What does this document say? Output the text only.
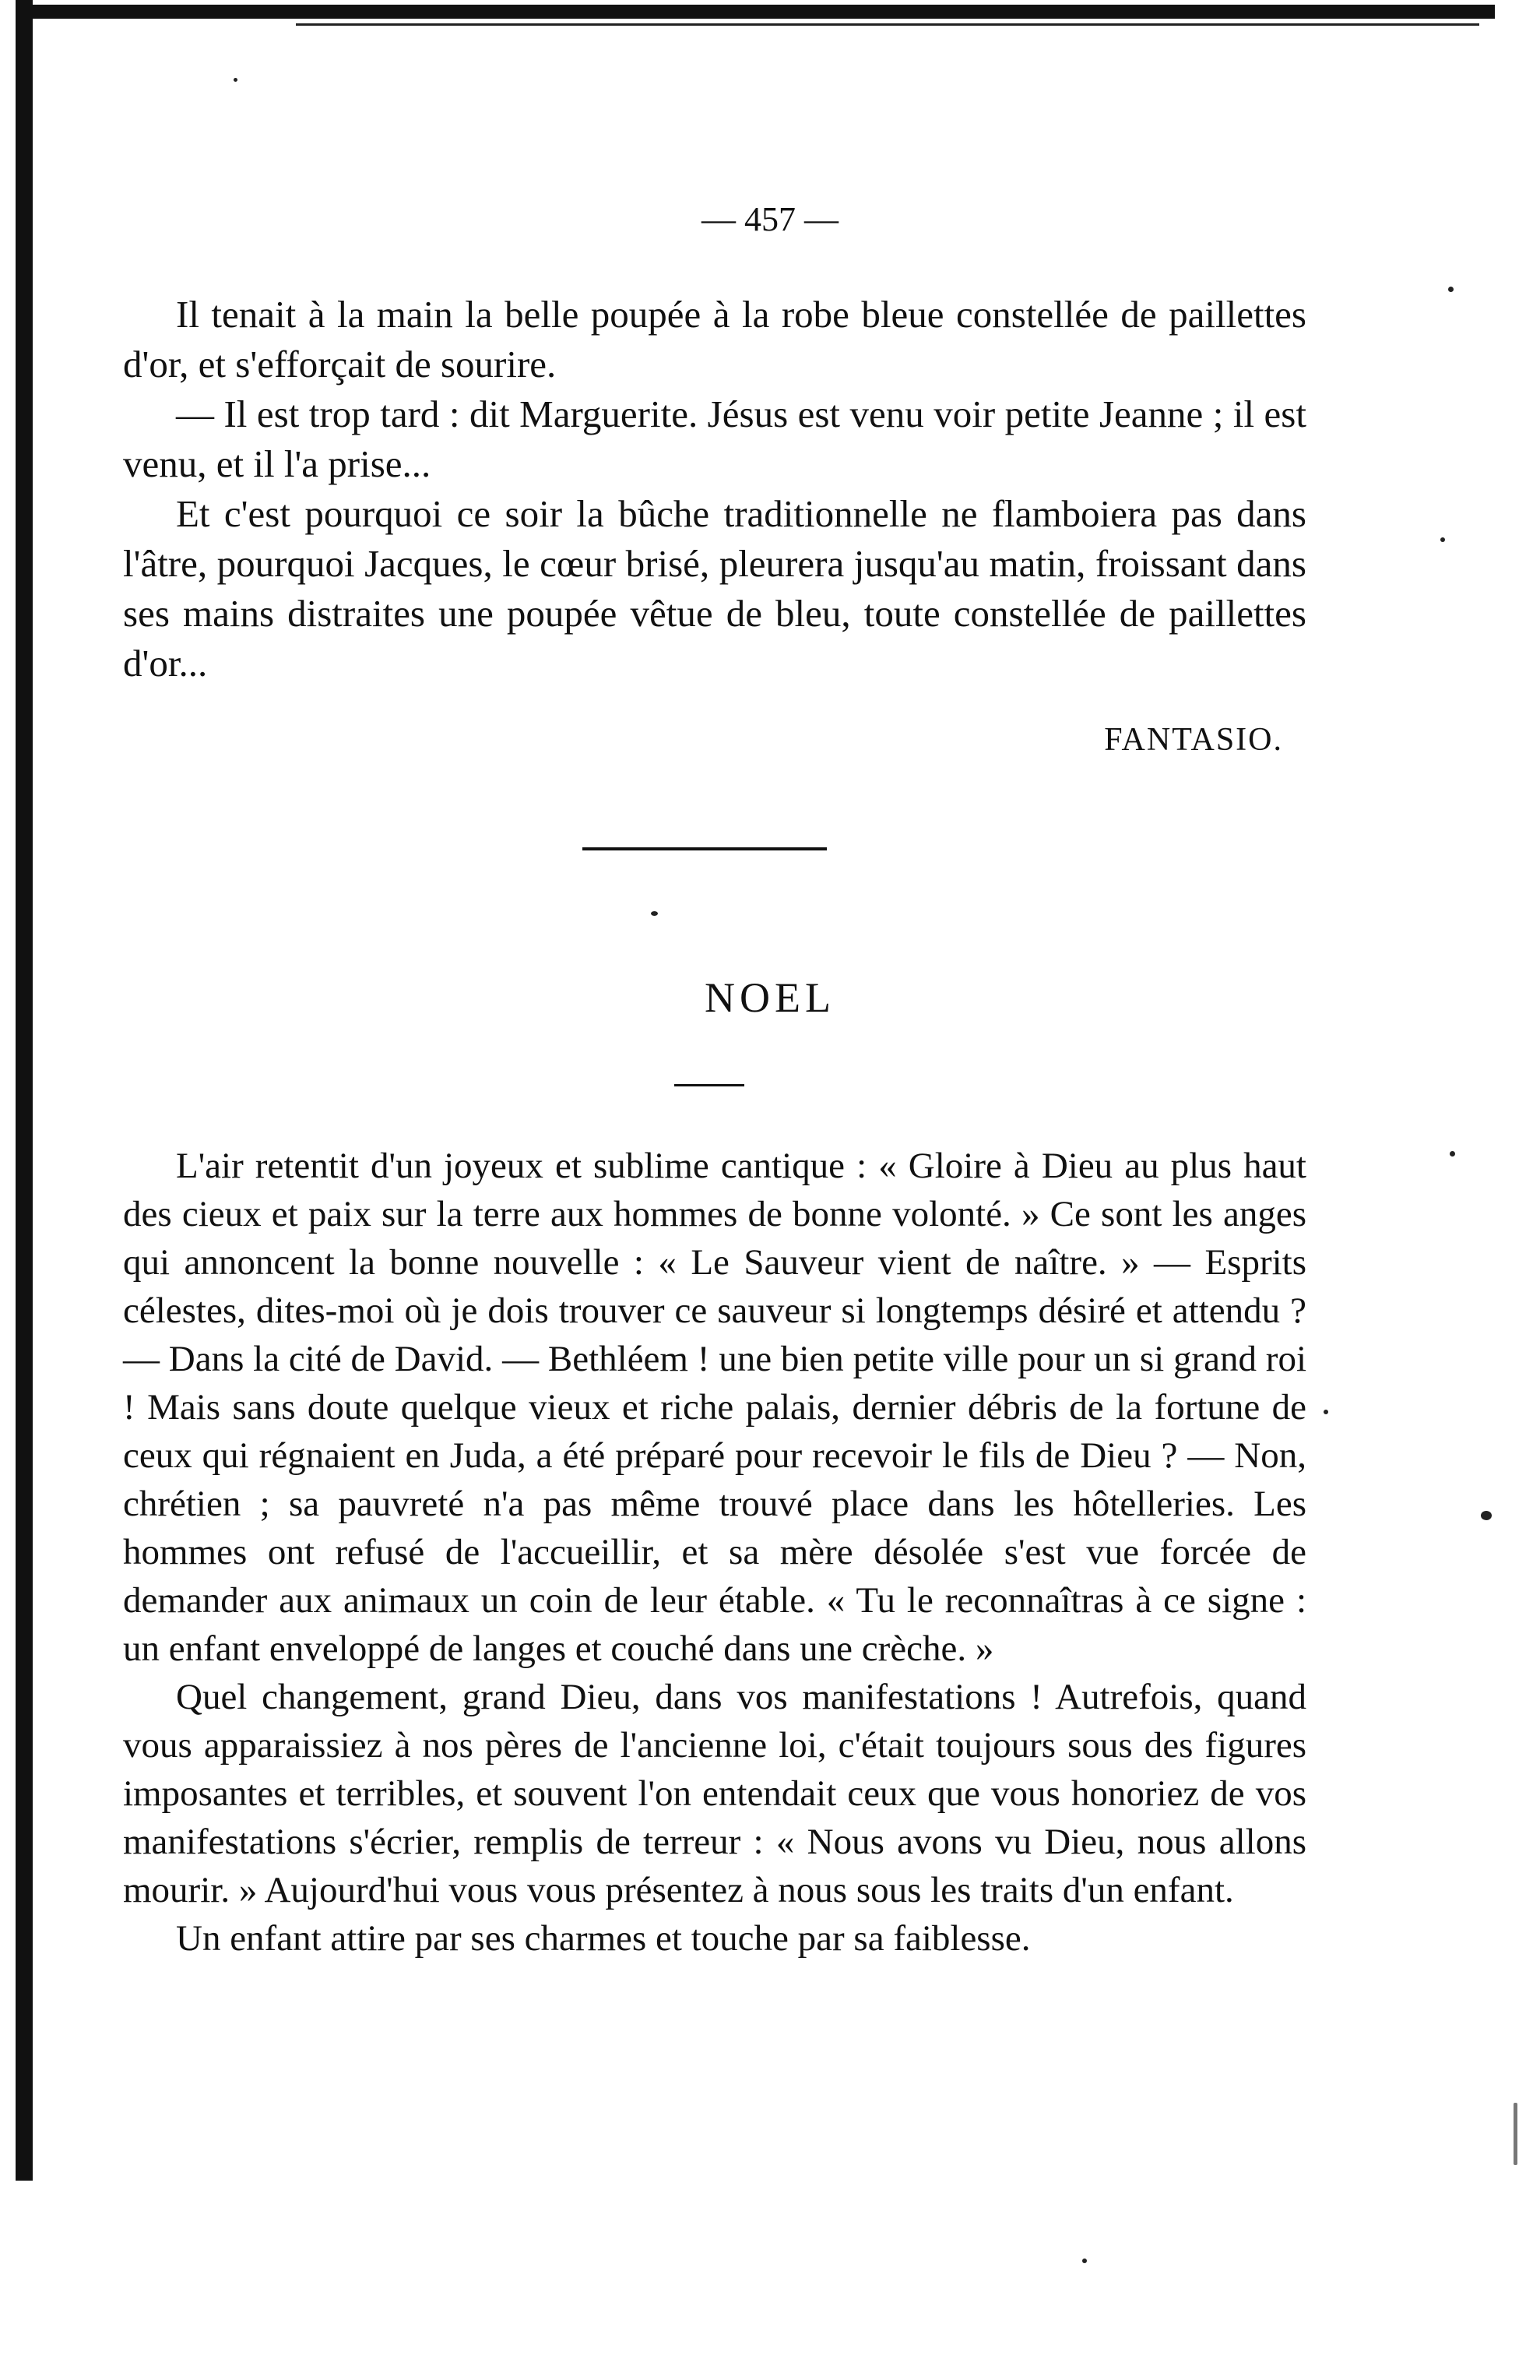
— 457 —

Il tenait à la main la belle poupée à la robe bleue constellée de paillettes d'or, et s'efforçait de sourire.

— Il est trop tard : dit Marguerite. Jésus est venu voir petite Jeanne ; il est venu, et il l'a prise...

Et c'est pourquoi ce soir la bûche traditionnelle ne flamboiera pas dans l'âtre, pourquoi Jacques, le cœur brisé, pleurera jusqu'au matin, froissant dans ses mains distraites une poupée vêtue de bleu, toute constellée de paillettes d'or...

FANTASIO.
NOEL

L'air retentit d'un joyeux et sublime cantique : « Gloire à Dieu au plus haut des cieux et paix sur la terre aux hommes de bonne volonté. » Ce sont les anges qui annoncent la bonne nouvelle : « Le Sauveur vient de naître. » — Esprits célestes, dites-moi où je dois trouver ce sauveur si longtemps désiré et attendu ? — Dans la cité de David. — Bethléem ! une bien petite ville pour un si grand roi ! Mais sans doute quelque vieux et riche palais, dernier débris de la fortune de ceux qui régnaient en Juda, a été préparé pour recevoir le fils de Dieu ? — Non, chrétien ; sa pauvreté n'a pas même trouvé place dans les hôtelleries. Les hommes ont refusé de l'accueillir, et sa mère désolée s'est vue forcée de demander aux animaux un coin de leur étable. « Tu le reconnaîtras à ce signe : un enfant enveloppé de langes et couché dans une crèche. »

Quel changement, grand Dieu, dans vos manifestations ! Autrefois, quand vous apparaissiez à nos pères de l'ancienne loi, c'était toujours sous des figures imposantes et terribles, et souvent l'on entendait ceux que vous honoriez de vos manifestations s'écrier, remplis de terreur : « Nous avons vu Dieu, nous allons mourir. » Aujourd'hui vous vous présentez à nous sous les traits d'un enfant.

Un enfant attire par ses charmes et touche par sa faiblesse.
